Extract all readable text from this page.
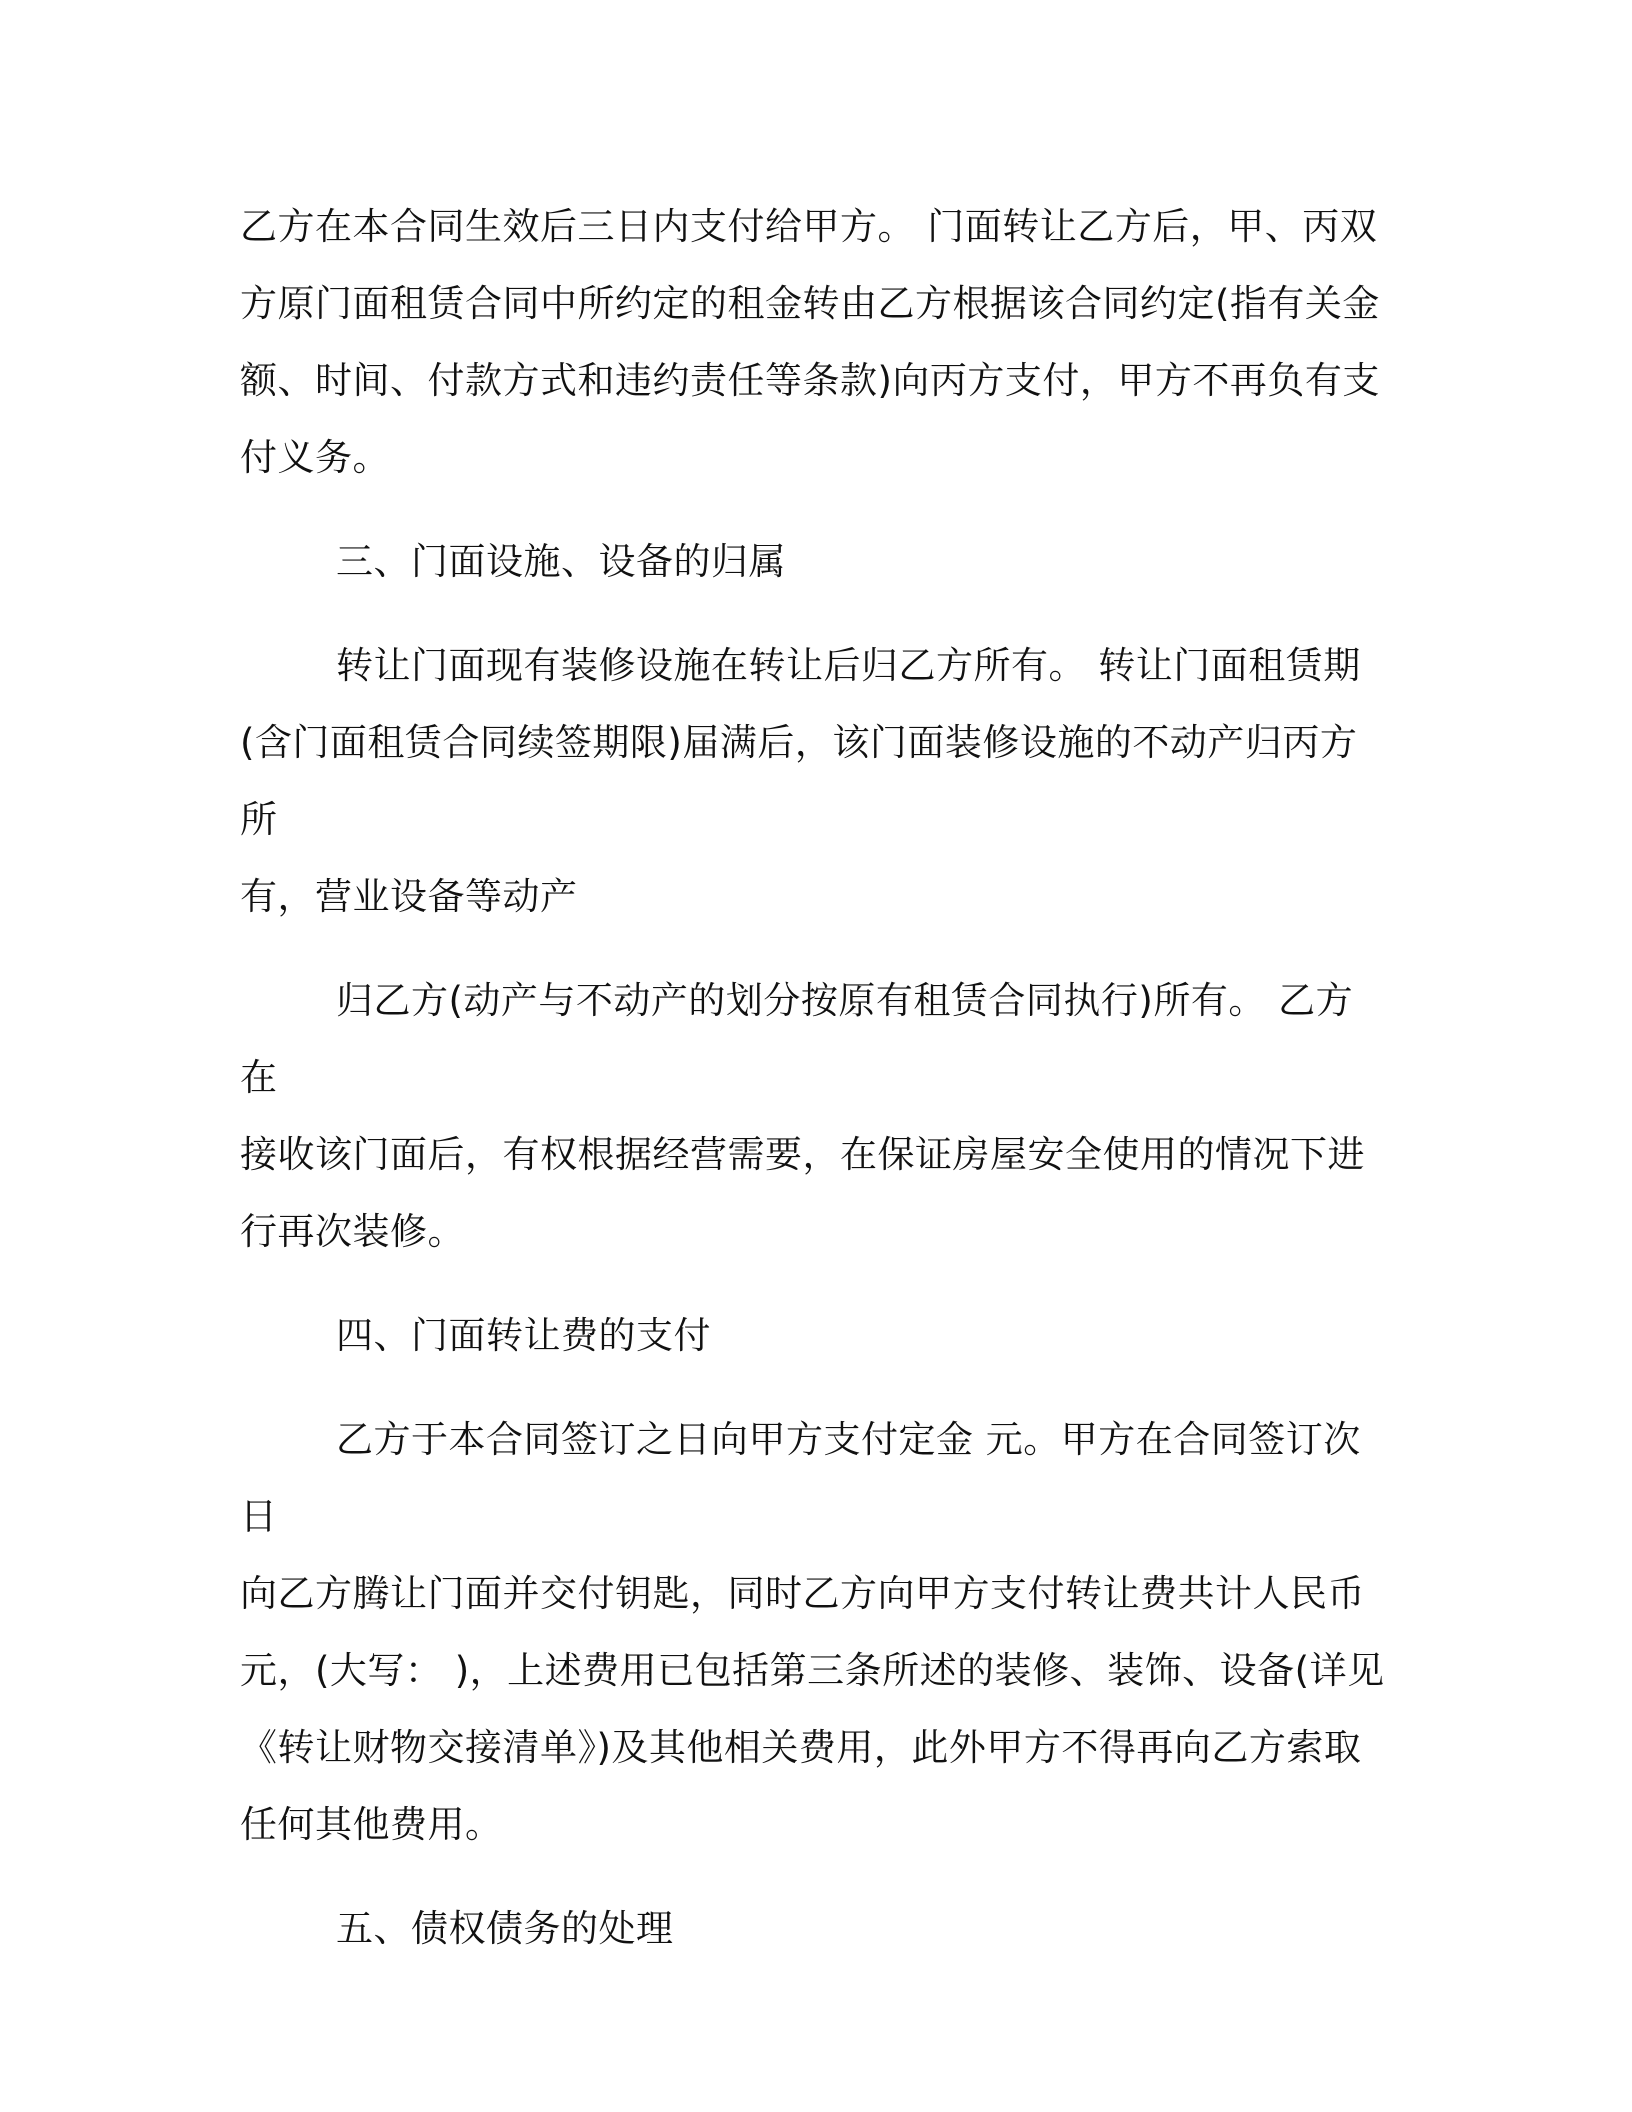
乙方在本合同生效后三日内支付给甲方。 门面转让乙方后，甲、丙双
方原门面租赁合同中所约定的租金转由乙方根据该合同约定(指有关金
额、时间、付款方式和违约责任等条款)向丙方支付，甲方不再负有支
付义务。

三、门面设施、设备的归属

转让门面现有装修设施在转让后归乙方所有。 转让门面租赁期
(含门面租赁合同续签期限)届满后，该门面装修设施的不动产归丙方所
有，营业设备等动产

归乙方(动产与不动产的划分按原有租赁合同执行)所有。 乙方在
接收该门面后，有权根据经营需要，在保证房屋安全使用的情况下进
行再次装修。

四、门面转让费的支付

乙方于本合同签订之日向甲方支付定金 元。甲方在合同签订次日
向乙方腾让门面并交付钥匙，同时乙方向甲方支付转让费共计人民币
元，(大写： )，上述费用已包括第三条所述的装修、装饰、设备(详见
《转让财物交接清单》)及其他相关费用，此外甲方不得再向乙方索取
任何其他费用。

五、债权债务的处理
